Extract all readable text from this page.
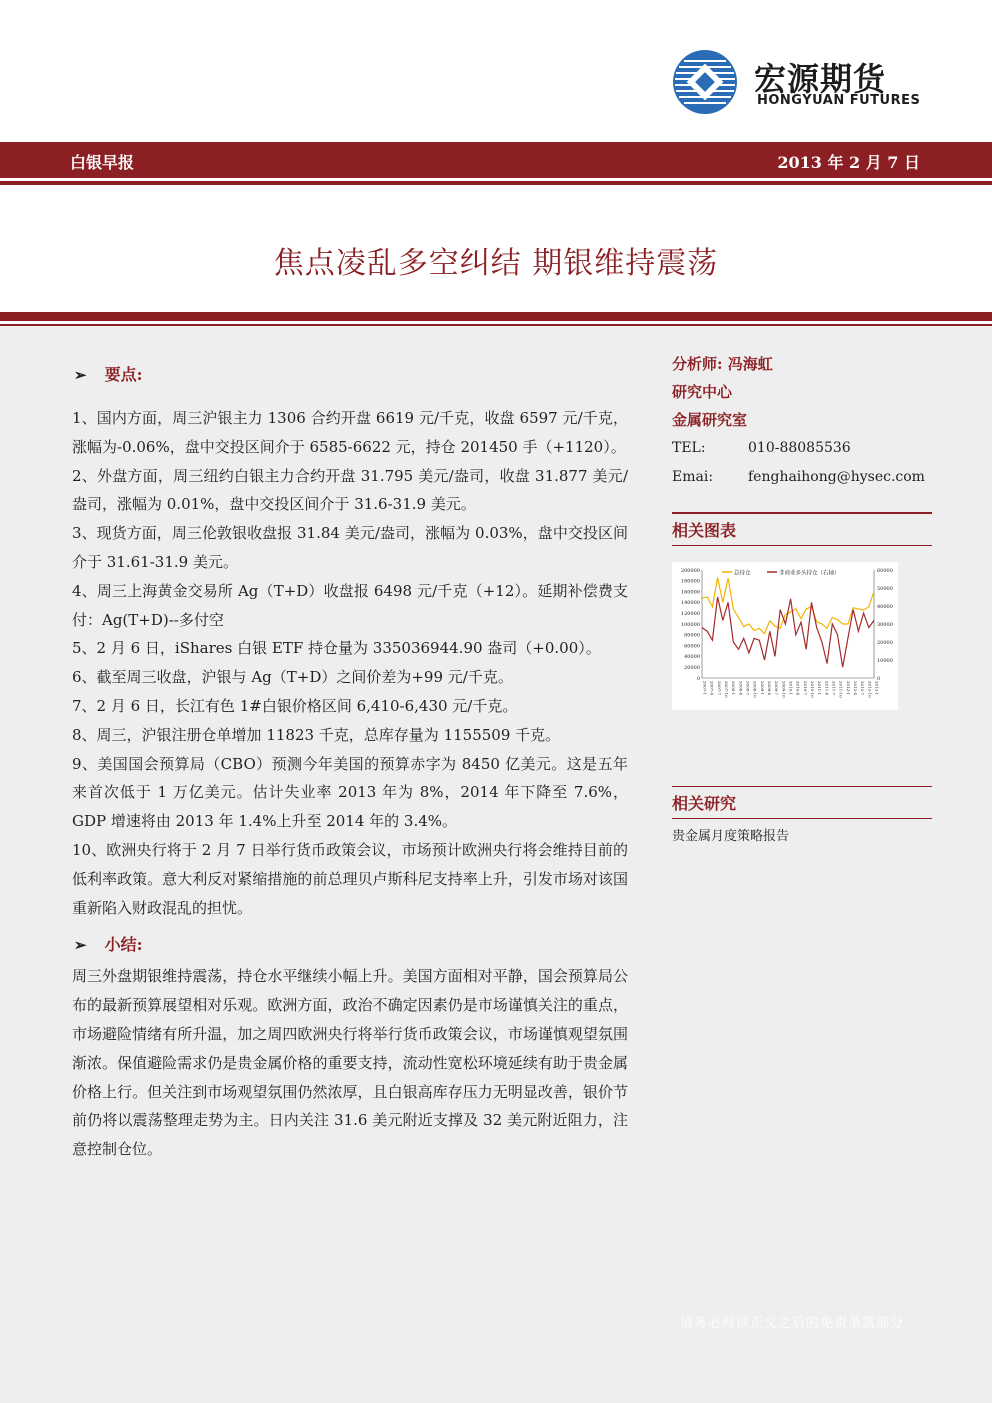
宏源期货
HONGYUAN FUTURES
白银早报	2013 年 2 月 7 日
焦点凌乱多空纠结 期银维持震荡
➢ 要点:

1、国内方面，周三沪银主力 1306 合约开盘 6619 元/千克，收盘 6597 元/千克，涨幅为-0.06%，盘中交投区间介于 6585-6622 元，持仓 201450 手（+1120）。

2、外盘方面，周三纽约白银主力合约开盘 31.795 美元/盎司，收盘 31.877 美元/盎司，涨幅为 0.01%，盘中交投区间介于 31.6-31.9 美元。

3、现货方面，周三伦敦银收盘报 31.84 美元/盎司，涨幅为 0.03%，盘中交投区间介于 31.61-31.9 美元。

4、周三上海黄金交易所 Ag（T+D）收盘报 6498 元/千克（+12）。延期补偿费支付：Ag(T+D)--多付空

5、2 月 6 日，iShares 白银 ETF 持仓量为 335036944.90 盎司（+0.00）。

6、截至周三收盘，沪银与 Ag（T+D）之间价差为+99 元/千克。

7、2 月 6 日，长江有色 1#白银价格区间 6,410-6,430 元/千克。

8、周三，沪银注册仓单增加 11823 千克，总库存量为 1155509 千克。

9、美国国会预算局（CBO）预测今年美国的预算赤字为 8450 亿美元。这是五年来首次低于 1 万亿美元。估计失业率 2013 年为 8%，2014 年下降至 7.6%，GDP 增速将由 2013 年 1.4%上升至 2014 年的 3.4%。

10、欧洲央行将于 2 月 7 日举行货币政策会议，市场预计欧洲央行将会维持目前的低利率政策。意大利反对紧缩措施的前总理贝卢斯科尼支持率上升，引发市场对该国重新陷入财政混乱的担忧。

➢ 小结:

周三外盘期银维持震荡，持仓水平继续小幅上升。美国方面相对平静，国会预算局公布的最新预算展望相对乐观。欧洲方面，政治不确定因素仍是市场谨慎关注的重点，市场避险情绪有所升温，加之周四欧洲央行将举行货币政策会议，市场谨慎观望氛围渐浓。保值避险需求仍是贵金属价格的重要支持，流动性宽松环境延续有助于贵金属价格上行。但关注到市场观望氛围仍然浓厚，且白银高库存压力无明显改善，银价节前仍将以震荡整理走势为主。日内关注 31.6 美元附近支撑及 32 美元附近阻力，注意控制仓位。

分析师: 冯海虹
研究中心
金属研究室
TEL:	010-88085536
Emai:	fenghaihong@hysec.com
相关图表
相关研究
贵金属月度策略报告
200000
180000
160000
140000
120000
100000
80000
60000
40000
20000
0
60000
50000
40000
30000
20000
10000
0
2007-1 2007-4 2007-7 2007-10 2008-1 2008-4 2008-7 2008-10 2009-1 2009-4 2009-7 2009-10 2010-1 2010-4 2010-7 2010-10 2011-1 2011-4 2011-7 2011-10 2012-1 2012-4 2012-7 2012-10 2013-1
总持仓	非商业多头持仓（右轴）
请务必阅读正文之后的免责条款部分
